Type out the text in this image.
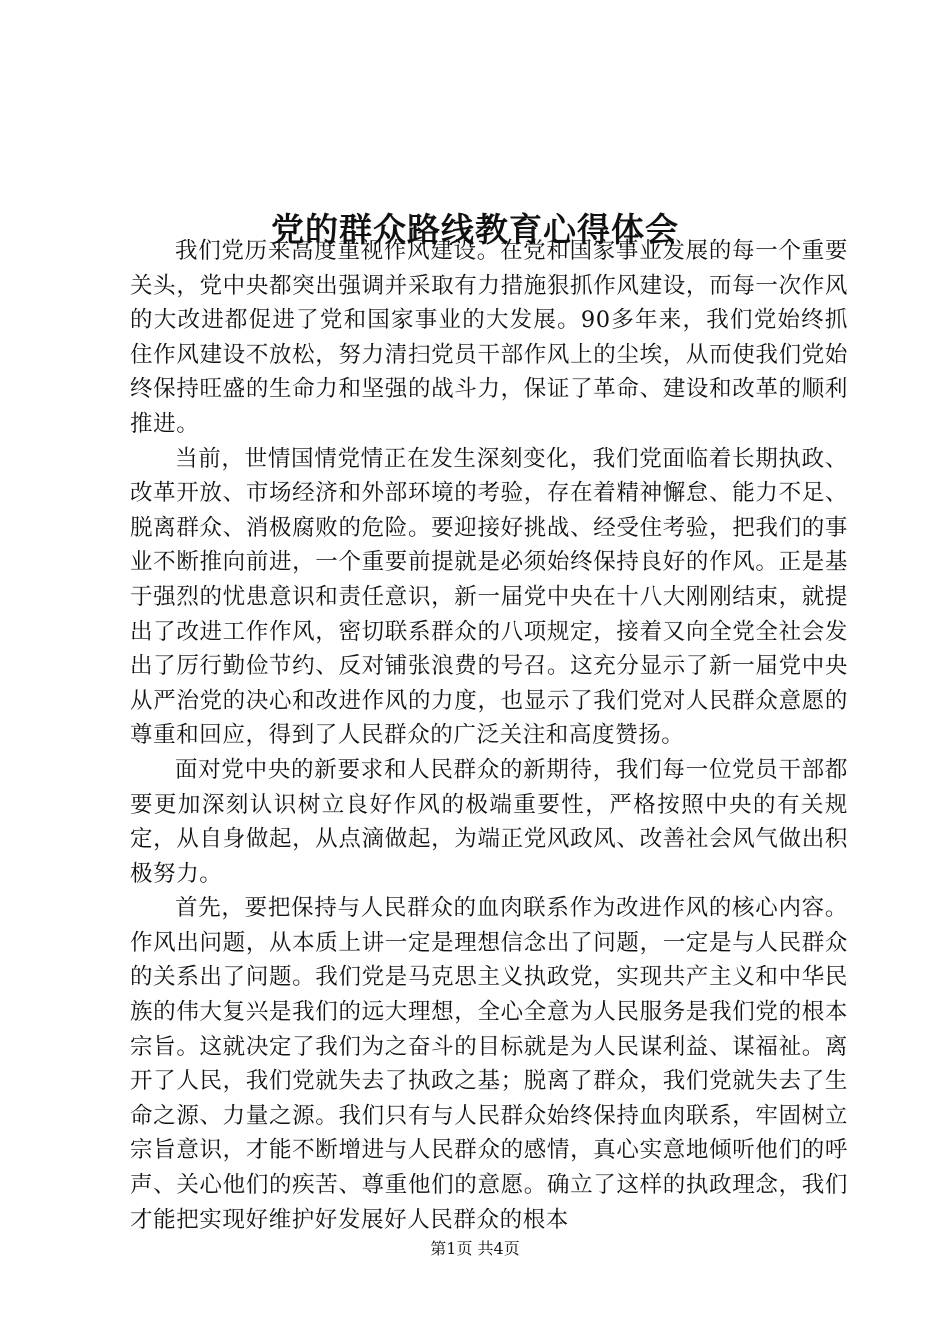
党的群众路线教育心得体会

我们党历来高度重视作风建设。在党和国家事业发展的每一个重要关头，党中央都突出强调并采取有力措施狠抓作风建设，而每一次作风的大改进都促进了党和国家事业的大发展。90多年来，我们党始终抓住作风建设不放松，努力清扫党员干部作风上的尘埃，从而使我们党始终保持旺盛的生命力和坚强的战斗力，保证了革命、建设和改革的顺利推进。

当前，世情国情党情正在发生深刻变化，我们党面临着长期执政、改革开放、市场经济和外部环境的考验，存在着精神懈怠、能力不足、脱离群众、消极腐败的危险。要迎接好挑战、经受住考验，把我们的事业不断推向前进，一个重要前提就是必须始终保持良好的作风。正是基于强烈的忧患意识和责任意识，新一届党中央在十八大刚刚结束，就提出了改进工作作风，密切联系群众的八项规定，接着又向全党全社会发出了厉行勤俭节约、反对铺张浪费的号召。这充分显示了新一届党中央从严治党的决心和改进作风的力度，也显示了我们党对人民群众意愿的尊重和回应，得到了人民群众的广泛关注和高度赞扬。

面对党中央的新要求和人民群众的新期待，我们每一位党员干部都要更加深刻认识树立良好作风的极端重要性，严格按照中央的有关规定，从自身做起，从点滴做起，为端正党风政风、改善社会风气做出积极努力。

首先，要把保持与人民群众的血肉联系作为改进作风的核心内容。作风出问题，从本质上讲一定是理想信念出了问题，一定是与人民群众的关系出了问题。我们党是马克思主义执政党，实现共产主义和中华民族的伟大复兴是我们的远大理想，全心全意为人民服务是我们党的根本宗旨。这就决定了我们为之奋斗的目标就是为人民谋利益、谋福祉。离开了人民，我们党就失去了执政之基；脱离了群众，我们党就失去了生命之源、力量之源。我们只有与人民群众始终保持血肉联系，牢固树立宗旨意识，才能不断增进与人民群众的感情，真心实意地倾听他们的呼声、关心他们的疾苦、尊重他们的意愿。确立了这样的执政理念，我们才能把实现好维护好发展好人民群众的根本

第1页 共4页
